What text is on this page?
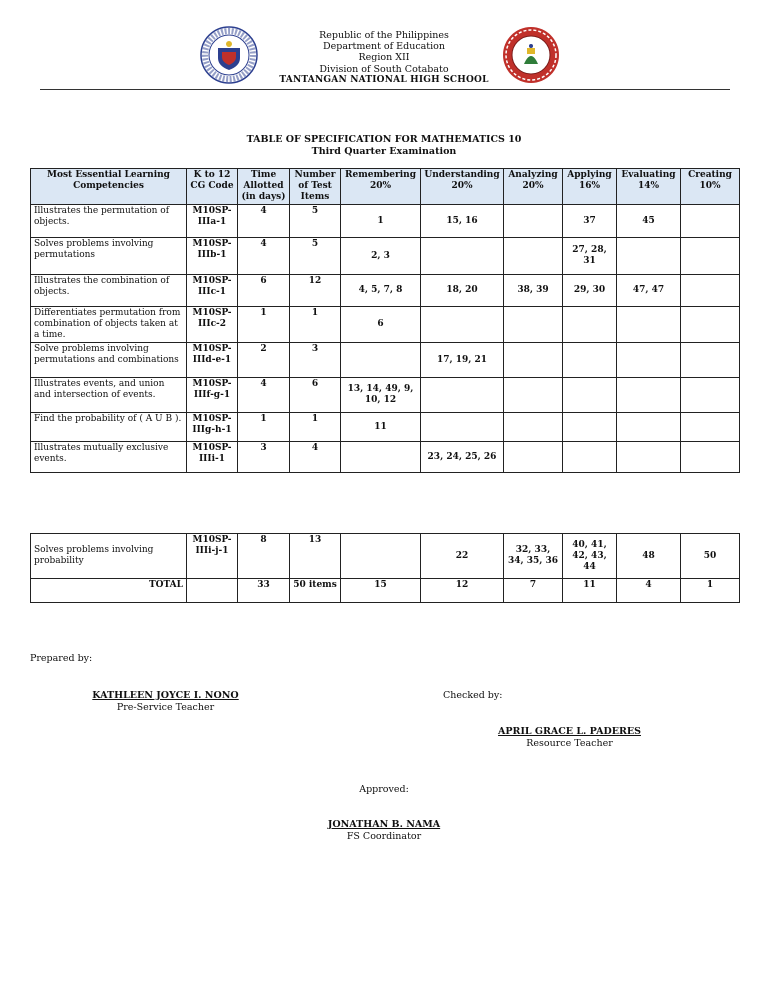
Republic of the Philippines
Department of Education
Region XII
Division of South Cotabato
TANTANGAN NATIONAL HIGH SCHOOL
TABLE OF SPECIFICATION FOR MATHEMATICS 10
Third Quarter Examination
Most Essential Learning Competencies	K to 12 CG Code	Time Allotted (in days)	Number of Test Items	Remembering 20%	Understanding 20%	Analyzing 20%	Applying 16%	Evaluating 14%	Creating 10%
Illustrates the permutation of objects.	M10SP-IIIa-1	4	5	1	15, 16		37	45	
Solves problems involving permutations	M10SP-IIIb-1	4	5	2, 3			27, 28, 31		
Illustrates the combination of objects.	M10SP-IIIc-1	6	12	4, 5, 7, 8	18, 20	38, 39	29, 30	47, 47	
Differentiates permutation from combination of objects taken at a time.	M10SP-IIIc-2	1	1	6					
Solve problems involving permutations and combinations	M10SP-IIId-e-1	2	3		17, 19, 21				
Illustrates events, and union and intersection of events.	M10SP-IIIf-g-1	4	6	13, 14, 49, 9, 10, 12					
Find the probability of ( A U B ).	M10SP-IIIg-h-1	1	1	11					
Illustrates mutually exclusive events.	M10SP-IIIi-1	3	4		23, 24, 25, 26				
Solves problems involving probability	M10SP-IIIi-j-1	8	13		22	32, 33, 34, 35, 36	40, 41, 42, 43, 44	48	50
TOTAL		33	50 items	15	12	7	11	4	1
Prepared by:
KATHLEEN JOYCE I. NONO
Pre-Service Teacher
Checked by:
APRIL GRACE L. PADERES
Resource Teacher
Approved:
JONATHAN B. NAMA
FS Coordinator
